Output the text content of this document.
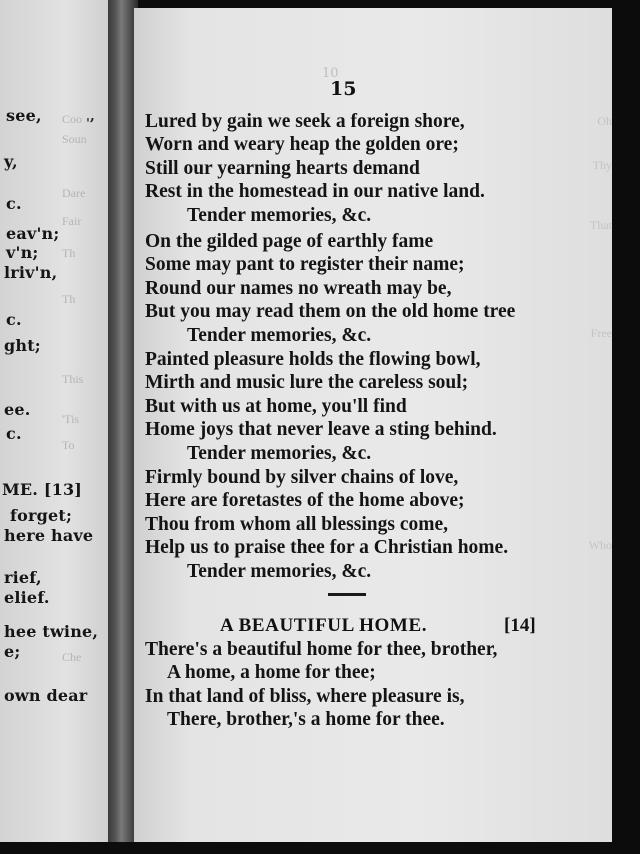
Coo
Soun
Dare
Fair
Th
Th
This
'Tis
To
Che
see,
y,
c.
eav'n;
v'n;
lriv'n,
c.
ght;
ee.
c.
ME. [13]
forget;
here have
rief,
elief.
hee twine,
e;
own dear
ˌ,	Oh
Thy
That
Free
Who
10
15
Lured by gain we seek a foreign shore,
Worn and weary heap the golden ore;
Still our yearning hearts demand
Rest in the homestead in our native land.
Tender memories, &c.
On the gilded page of earthly fame
Some may pant to register their name;
Round our names no wreath may be,
But you may read them on the old home tree
Tender memories, &c.
Painted pleasure holds the flowing bowl,
Mirth and music lure the careless soul;
But with us at home, you'll find
Home joys that never leave a sting behind.
Tender memories, &c.
Firmly bound by silver chains of love,
Here are foretastes of the home above;
Thou from whom all blessings come,
Help us to praise thee for a Christian home.
Tender memories, &c.
A BEAUTIFUL HOME.	[14]
There's a beautiful home for thee, brother,
A home, a home for thee;
In that land of bliss, where pleasure is,
There, brother,'s a home for thee.
